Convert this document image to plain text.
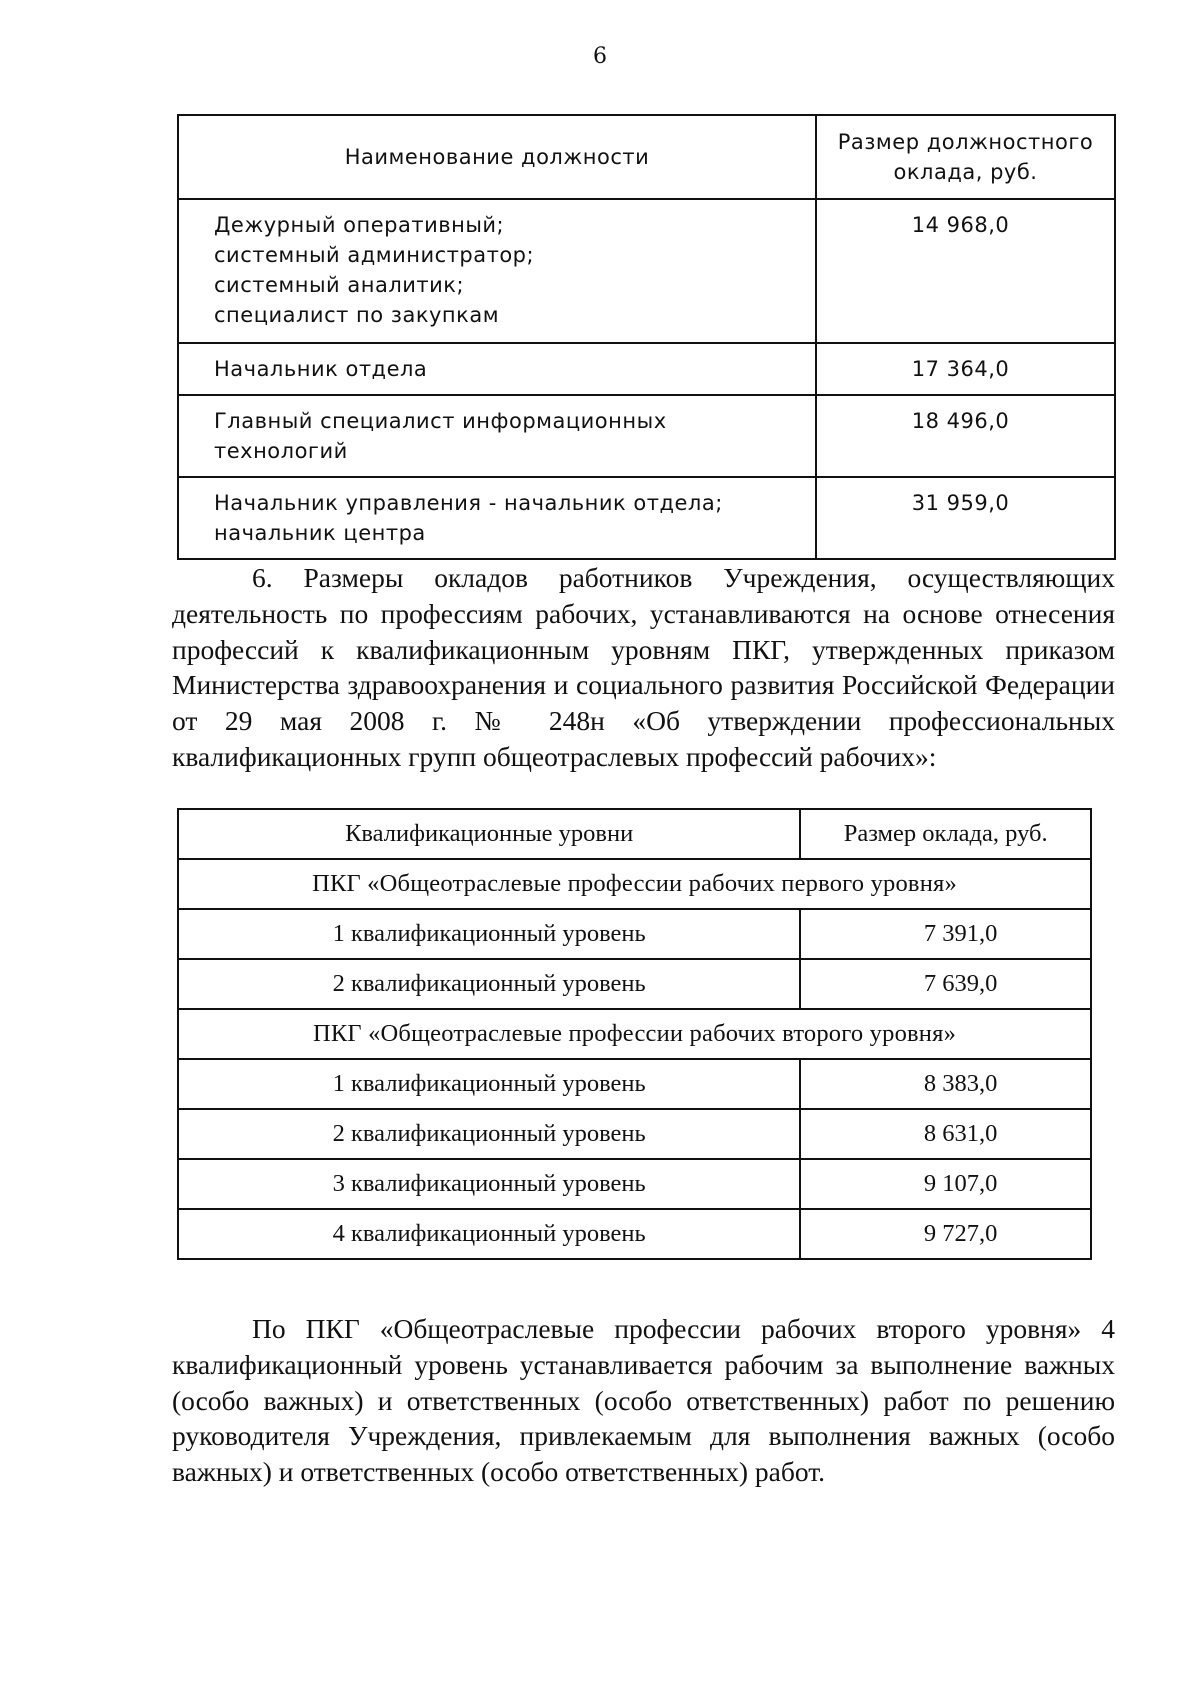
6
Наименование должности	Размер должностного оклада, руб.

Дежурный оперативный;
системный администратор;
системный аналитик;
специалист по закупкам	14 968,0

Начальник отдела	17 364,0

Главный специалист информационных технологий	18 496,0

Начальник управления - начальник отдела;
начальник центра	31 959,0

6. Размеры окладов работников Учреждения, осуществляющих деятельность по профессиям рабочих, устанавливаются на основе отнесения профессий к квалификационным уровням ПКГ, утвержденных приказом Министерства здравоохранения и социального развития Российской Федерации от 29 мая 2008 г. № 248н «Об утверждении профессиональных квалификационных групп общеотраслевых профессий рабочих»:

Квалификационные уровни	Размер оклада, руб.
ПКГ «Общеотраслевые профессии рабочих первого уровня»	
1 квалификационный уровень	7 391,0
2 квалификационный уровень	7 639,0
ПКГ «Общеотраслевые профессии рабочих второго уровня»	
1 квалификационный уровень	8 383,0
2 квалификационный уровень	8 631,0
3 квалификационный уровень	9 107,0
4 квалификационный уровень	9 727,0

По ПКГ «Общеотраслевые профессии рабочих второго уровня» 4 квалификационный уровень устанавливается рабочим за выполнение важных (особо важных) и ответственных (особо ответственных) работ по решению руководителя Учреждения, привлекаемым для выполнения важных (особо важных) и ответственных (особо ответственных) работ.
